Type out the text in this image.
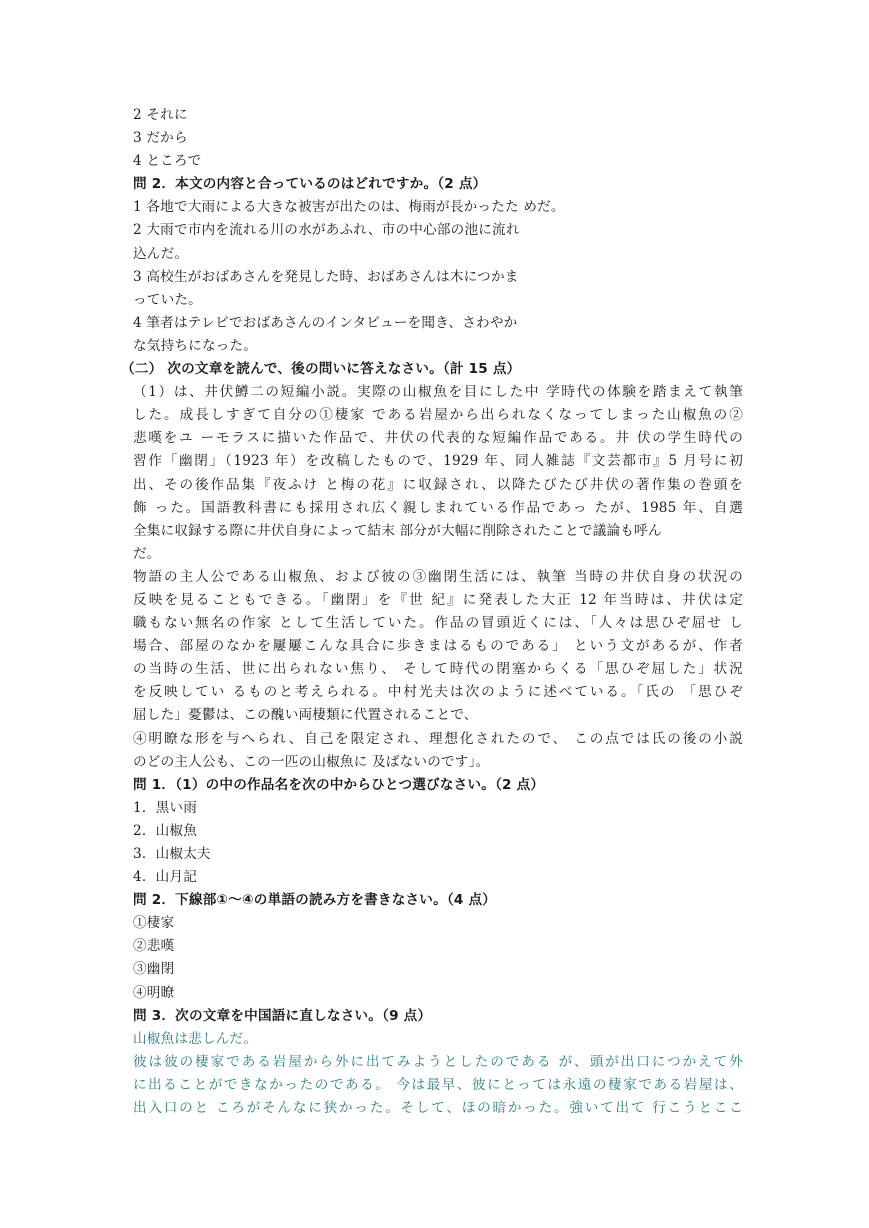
2 それに
3 だから
4 ところで
問 2．本文の内容と合っているのはどれですか。（2 点）
1 各地で大雨による大きな被害が出たのは、梅雨が長かったた めだ。
2 大雨で市内を流れる川の水があふれ、市の中心部の池に流れ
込んだ。
3 高校生がおばあさんを発見した時、おばあさんは木につかま
っていた。
4 筆者はテレビでおばあさんのインタビューを聞き、さわやか
な気持ちになった。
（二） 次の文章を読んで、後の問いに答えなさい。（計 15 点）
（1）は、井伏鱒二の短編小説。実際の山椒魚を目にした中 学時代の体験を踏まえて執筆
した。成長しすぎて自分の①棲家 である岩屋から出られなくなってしまった山椒魚の②
悲嘆をユ ーモラスに描いた作品で、井伏の代表的な短編作品である。井 伏の学生時代の
習作「幽閉」（1923 年）を改稿したもので、1929 年、同人雑誌『文芸都市』5 月号に初
出、その後作品集『夜ふけ と梅の花』に収録され、以降たびたび井伏の著作集の巻頭を
飾 った。国語教科書にも採用され広く親しまれている作品であっ たが、1985 年、自選
全集に収録する際に井伏自身によって結末 部分が大幅に削除されたことで議論も呼ん
だ。
物語の主人公である山椒魚、および彼の③幽閉生活には、執筆 当時の井伏自身の状況の
反映を見ることもできる。「幽閉」を『世 紀』に発表した大正 12 年当時は、井伏は定
職もない無名の作家 として生活していた。作品の冒頭近くには、「人々は思ひぞ屈せ し
場合、部屋のなかを屢屢こんな具合に歩きまはるものである」 という文があるが、作者
の当時の生活、世に出られない焦り、 そして時代の閉塞からくる「思ひぞ屈した」状況
を反映してい るものと考えられる。中村光夫は次のように述べている。「氏の 「思ひぞ
屈した」憂鬱は、この醜い両棲類に代置されることで、
④明瞭な形を与へられ、自己を限定され、理想化されたので、 この点では氏の後の小説
のどの主人公も、この一匹の山椒魚に 及ばないのです」。
問 1．（1）の中の作品名を次の中からひとつ選びなさい。（2 点）
1．黒い雨
2．山椒魚
3．山椒太夫
4．山月記
問 2．下線部①～④の単語の読み方を書きなさい。（4 点）
①棲家
②悲嘆
③幽閉
④明瞭
問 3．次の文章を中国語に直しなさい。（9 点）
山椒魚は悲しんだ。
彼は彼の棲家である岩屋から外に出てみようとしたのである が、頭が出口につかえて外
に出ることができなかったのである。 今は最早、彼にとっては永遠の棲家である岩屋は、
出入口のと ころがそんなに狭かった。そして、ほの暗かった。強いて出て 行こうとここ
